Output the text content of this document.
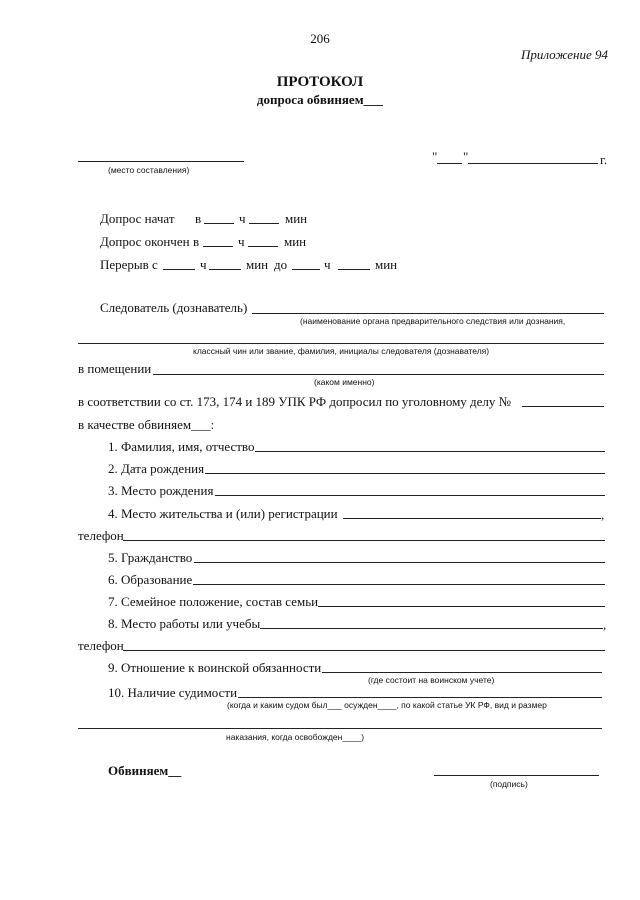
206
Приложение 94
ПРОТОКОЛ
допроса обвиняем___
(место составления)
" "	г.
Допрос начат в	ч	мин
Допрос окончен в	ч	мин
Перерыв с	ч	мин до	ч	мин
Следователь (дознаватель)
(наименование органа предварительного следствия или дознания,
классный чин или звание, фамилия, инициалы следователя (дознавателя)
в помещении
(каком именно)
в соответствии со ст. 173, 174 и 189 УПК РФ допросил по уголовному делу №
в качестве обвиняем___:
1. Фамилия, имя, отчество
2. Дата рождения
3. Место рождения
4. Место жительства и (или) регистрации	,
телефон
5. Гражданство
6. Образование
7. Семейное положение, состав семьи
8. Место работы или учебы	,
телефон
9. Отношение к воинской обязанности
(где состоит на воинском учете)
10. Наличие судимости
(когда и каким судом был___ осужден____, по какой статье УК РФ, вид и размер
наказания, когда освобожден____)
Обвиняем__
(подпись)
